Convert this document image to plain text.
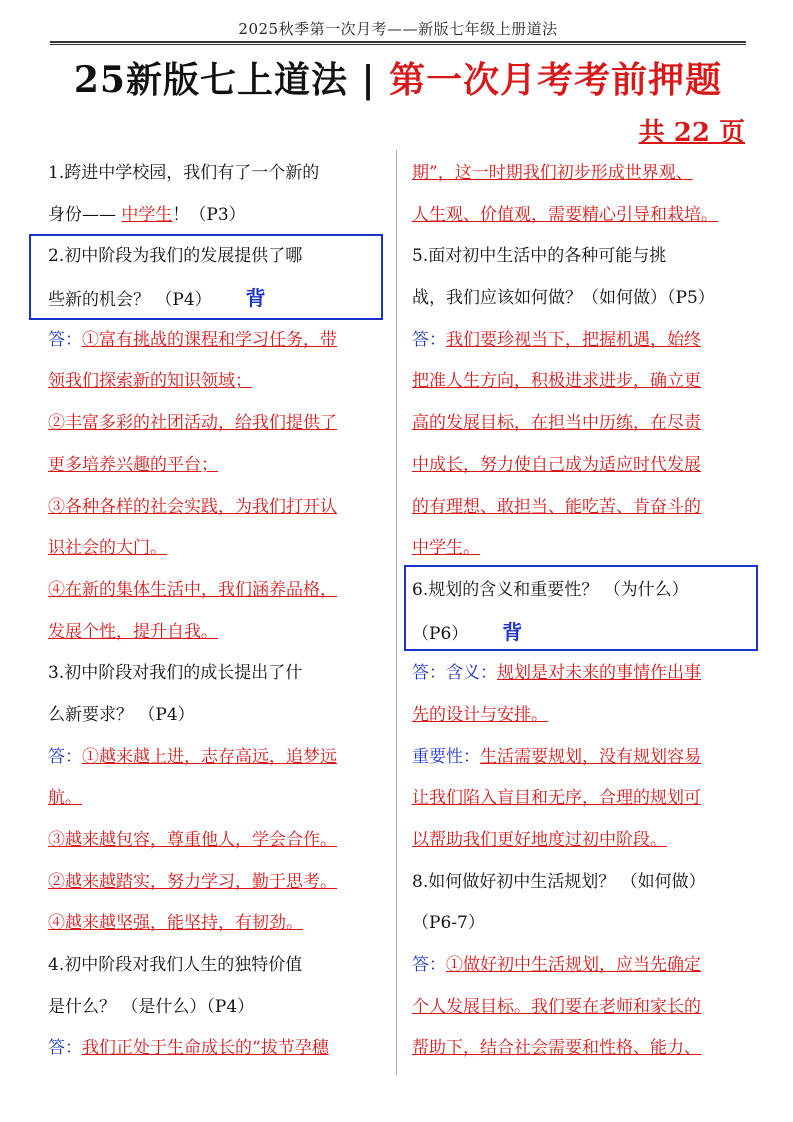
2025秋季第一次月考——新版七年级上册道法
25新版七上道法 | 第一次月考考前押题
共 22 页
1.跨进中学校园，我们有了一个新的
身份—— 中学生！（P3）
2.初中阶段为我们的发展提供了哪
些新的机会？ （P4） 背
答：①富有挑战的课程和学习任务，带
领我们探索新的知识领域；
②丰富多彩的社团活动，给我们提供了
更多培养兴趣的平台；
③各种各样的社会实践，为我们打开认
识社会的大门。
④在新的集体生活中，我们涵养品格，
发展个性，提升自我。
3.初中阶段对我们的成长提出了什
么新要求？ （P4）
答：①越来越上进，志存高远，追梦远
航。
③越来越包容，尊重他人，学会合作。
②越来越踏实，努力学习，勤于思考。
④越来越坚强，能坚持，有韧劲。
4.初中阶段对我们人生的独特价值
是什么？ （是什么）（P4）
答：我们正处于生命成长的“拔节孕穗
期”，这一时期我们初步形成世界观、
人生观、价值观，需要精心引导和栽培。
5.面对初中生活中的各种可能与挑
战，我们应该如何做？（如何做）（P5）
答：我们要珍视当下，把握机遇，始终
把准人生方向，积极进求进步，确立更
高的发展目标，在担当中历练，在尽责
中成长，努力使自己成为适应时代发展
的有理想、敢担当、能吃苦、肯奋斗的
中学生。
6.规划的含义和重要性？ （为什么）
（P6） 背
答：含义：规划是对未来的事情作出事
先的设计与安排。
重要性：生活需要规划，没有规划容易
让我们陷入盲目和无序，合理的规划可
以帮助我们更好地度过初中阶段。
8.如何做好初中生活规划？ （如何做）
（P6-7）
答：①做好初中生活规划，应当先确定
个人发展目标。我们要在老师和家长的
帮助下，结合社会需要和性格、能力、
